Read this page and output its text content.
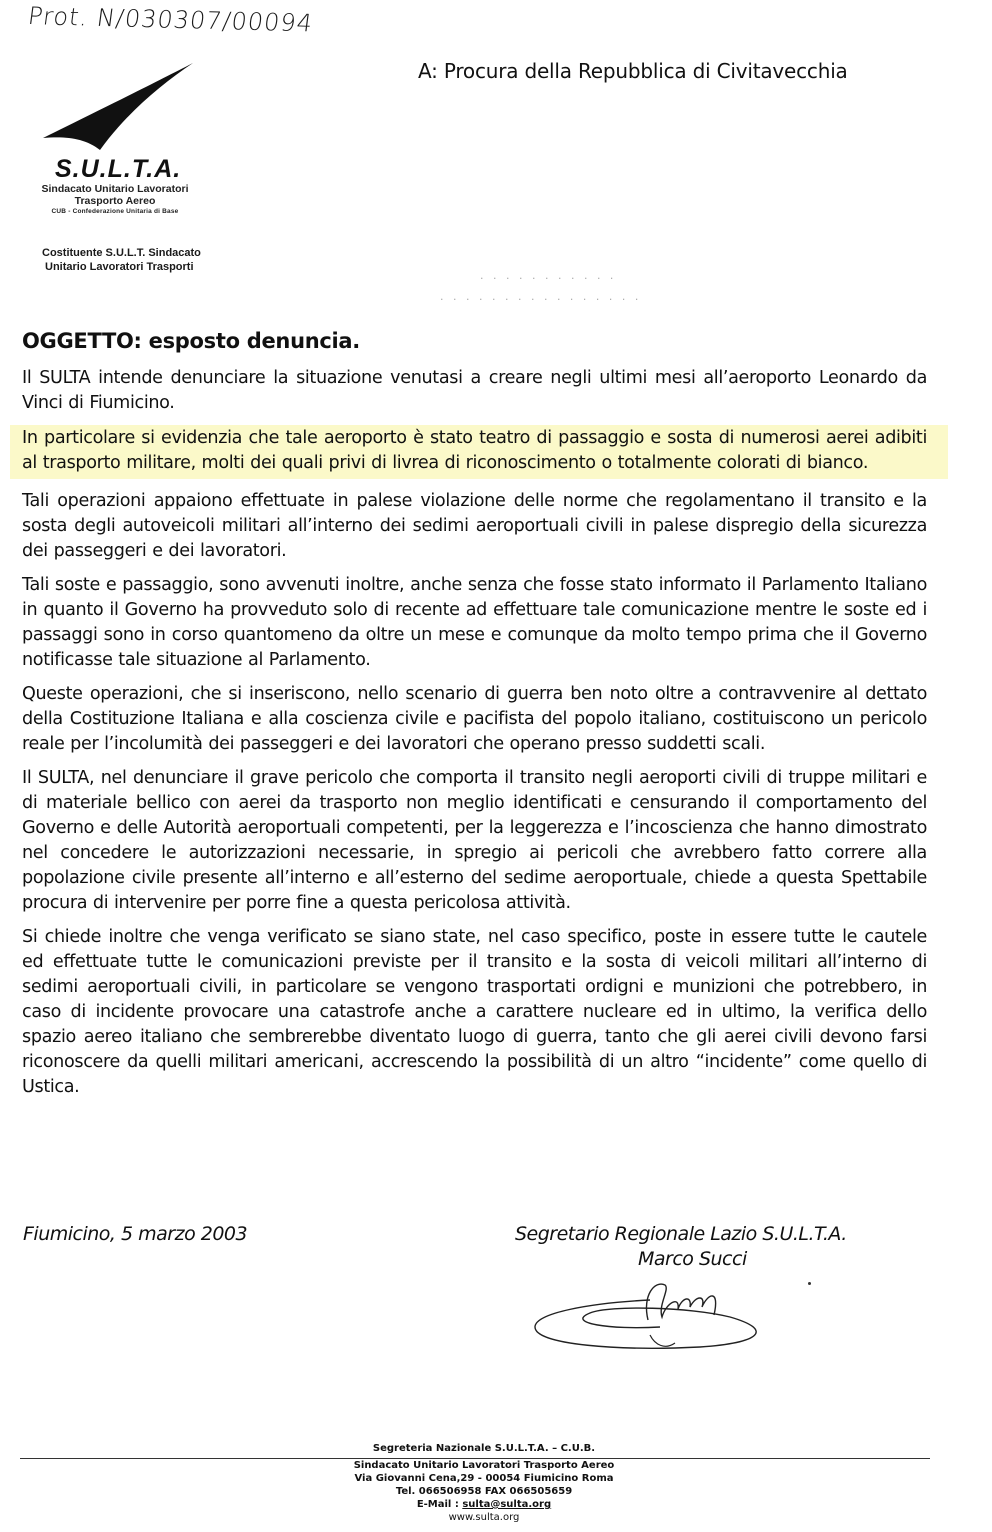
Prot. N/030307/00094
S.U.L.T.A.
Sindacato Unitario Lavoratori
Trasporto Aereo
CUB - Confederazione Unitaria di Base
Costituente S.U.L.T. Sindacato
Unitario Lavoratori Trasporti
A: Procura della Repubblica di Civitavecchia
· · · · · · · · · · ·
. . . . . . . . . . . . . . . .
OGGETTO: esposto denuncia.

Il SULTA intende denunciare la situazione venutasi a creare negli ultimi mesi all’aeroporto Leonardo da Vinci di Fiumicino.

In particolare si evidenzia che tale aeroporto è stato teatro di passaggio e sosta di numerosi aerei adibiti al trasporto militare, molti dei quali privi di livrea di riconoscimento o totalmente colorati di bianco.

Tali operazioni appaiono effettuate in palese violazione delle norme che regolamentano il transito e la sosta degli autoveicoli militari all’interno dei sedimi aeroportuali civili in palese dispregio della sicurezza dei passeggeri e dei lavoratori.

Tali soste e passaggio, sono avvenuti inoltre, anche senza che fosse stato informato il Parlamento Italiano in quanto il Governo ha provveduto solo di recente ad effettuare tale comunicazione mentre le soste ed i passaggi sono in corso quantomeno da oltre un mese e comunque da molto tempo prima che il Governo notificasse tale situazione al Parlamento.

Queste operazioni, che si inseriscono, nello scenario di guerra ben noto oltre a contravvenire al dettato della Costituzione Italiana e alla coscienza civile e pacifista del popolo italiano, costituiscono un pericolo reale per l’incolumità dei passeggeri e dei lavoratori che operano presso suddetti scali.

Il SULTA, nel denunciare il grave pericolo che comporta il transito negli aeroporti civili di truppe militari e di materiale bellico con aerei da trasporto non meglio identificati e censurando il comportamento del Governo e delle Autorità aeroportuali competenti, per la leggerezza e l’incoscienza che hanno dimostrato nel concedere le autorizzazioni necessarie, in spregio ai pericoli che avrebbero fatto correre alla popolazione civile presente all’interno e all’esterno del sedime aeroportuale, chiede a questa Spettabile procura di intervenire per porre fine a questa pericolosa attività.

Si chiede inoltre che venga verificato se siano state, nel caso specifico, poste in essere tutte le cautele ed effettuate tutte le comunicazioni previste per il transito e la sosta di veicoli militari all’interno di sedimi aeroportuali civili, in particolare se vengono trasportati ordigni e munizioni che potrebbero, in caso di incidente provocare una catastrofe anche a carattere nucleare ed in ultimo, la verifica dello spazio aereo italiano che sembrerebbe diventato luogo di guerra, tanto che gli aerei civili devono farsi riconoscere da quelli militari americani, accrescendo la possibilità di un altro “incidente” come quello di Ustica.

Fiumicino, 5 marzo 2003	Segretario Regionale Lazio S.U.L.T.A.
Marco Succi
Segreteria Nazionale S.U.L.T.A. – C.U.B.
Sindacato Unitario Lavoratori Trasporto Aereo
Via Giovanni Cena,29 - 00054 Fiumicino Roma
Tel. 066506958 FAX 066505659
E-Mail : sulta@sulta.org
www.sulta.org
